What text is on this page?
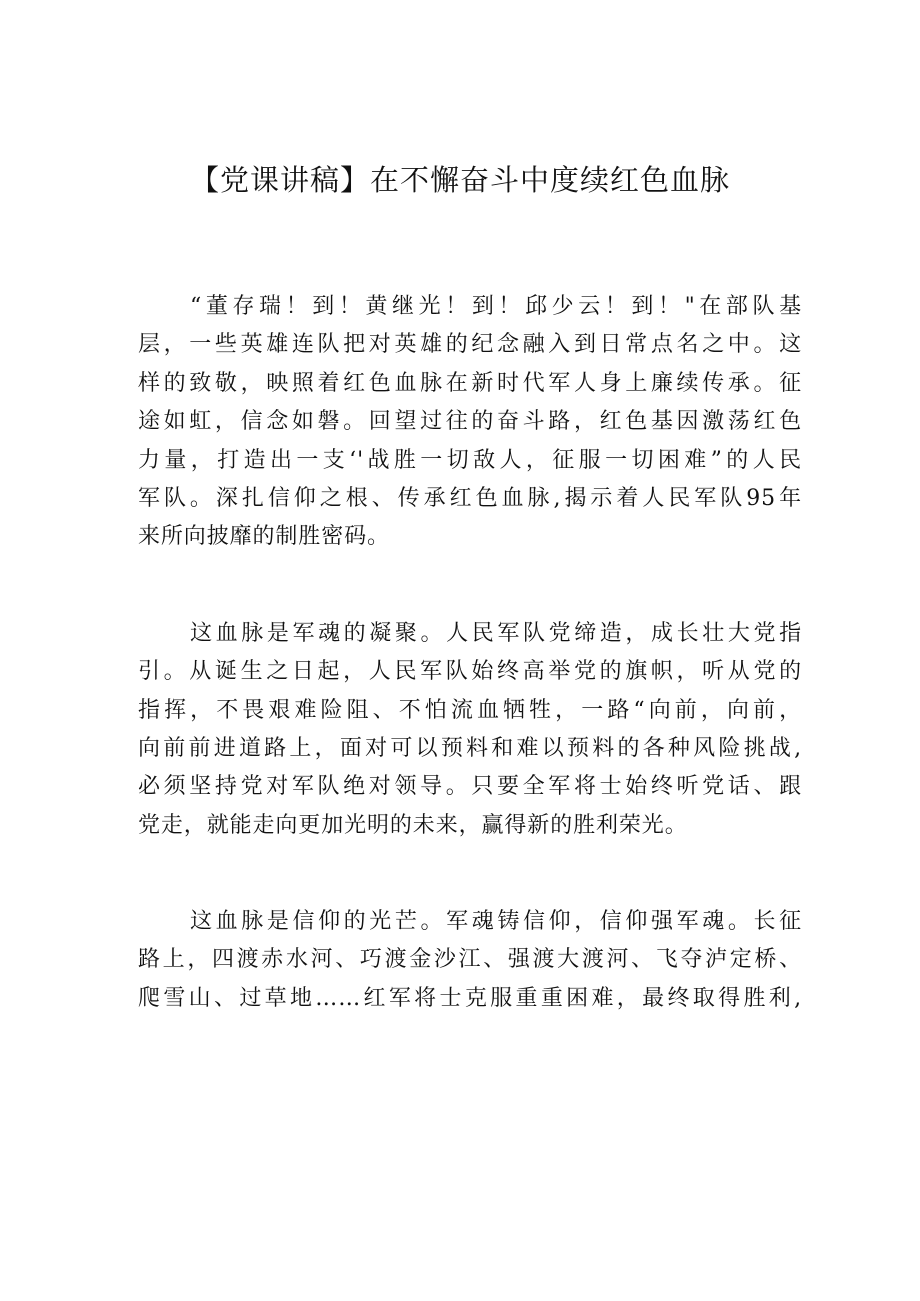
【党课讲稿】在不懈奋斗中度续红色血脉
“董存瑞！到！黄继光！到！邱少云！到！"在部队基
层，一些英雄连队把对英雄的纪念融入到日常点名之中。这
样的致敬，映照着红色血脉在新时代军人身上廉续传承。征
途如虹，信念如磐。回望过往的奋斗路，红色基因激荡红色
力量，打造出一支‘'战胜一切敌人，征服一切困难”的人民
军队。深扎信仰之根、传承红色血脉,揭示着人民军队95年
来所向披靡的制胜密码。
这血脉是军魂的凝聚。人民军队党缔造，成长壮大党指
引。从诞生之日起，人民军队始终高举党的旗帜，听从党的
指挥，不畏艰难险阻、不怕流血牺牲，一路“向前，向前，
向前前进道路上，面对可以预料和难以预料的各种风险挑战,
必须坚持党对军队绝对领导。只要全军将士始终听党话、跟
党走，就能走向更加光明的未来，赢得新的胜利荣光。
这血脉是信仰的光芒。军魂铸信仰，信仰强军魂。长征
路上，四渡赤水河、巧渡金沙江、强渡大渡河、飞夺泸定桥、
爬雪山、过草地……红军将士克服重重困难，最终取得胜利,
